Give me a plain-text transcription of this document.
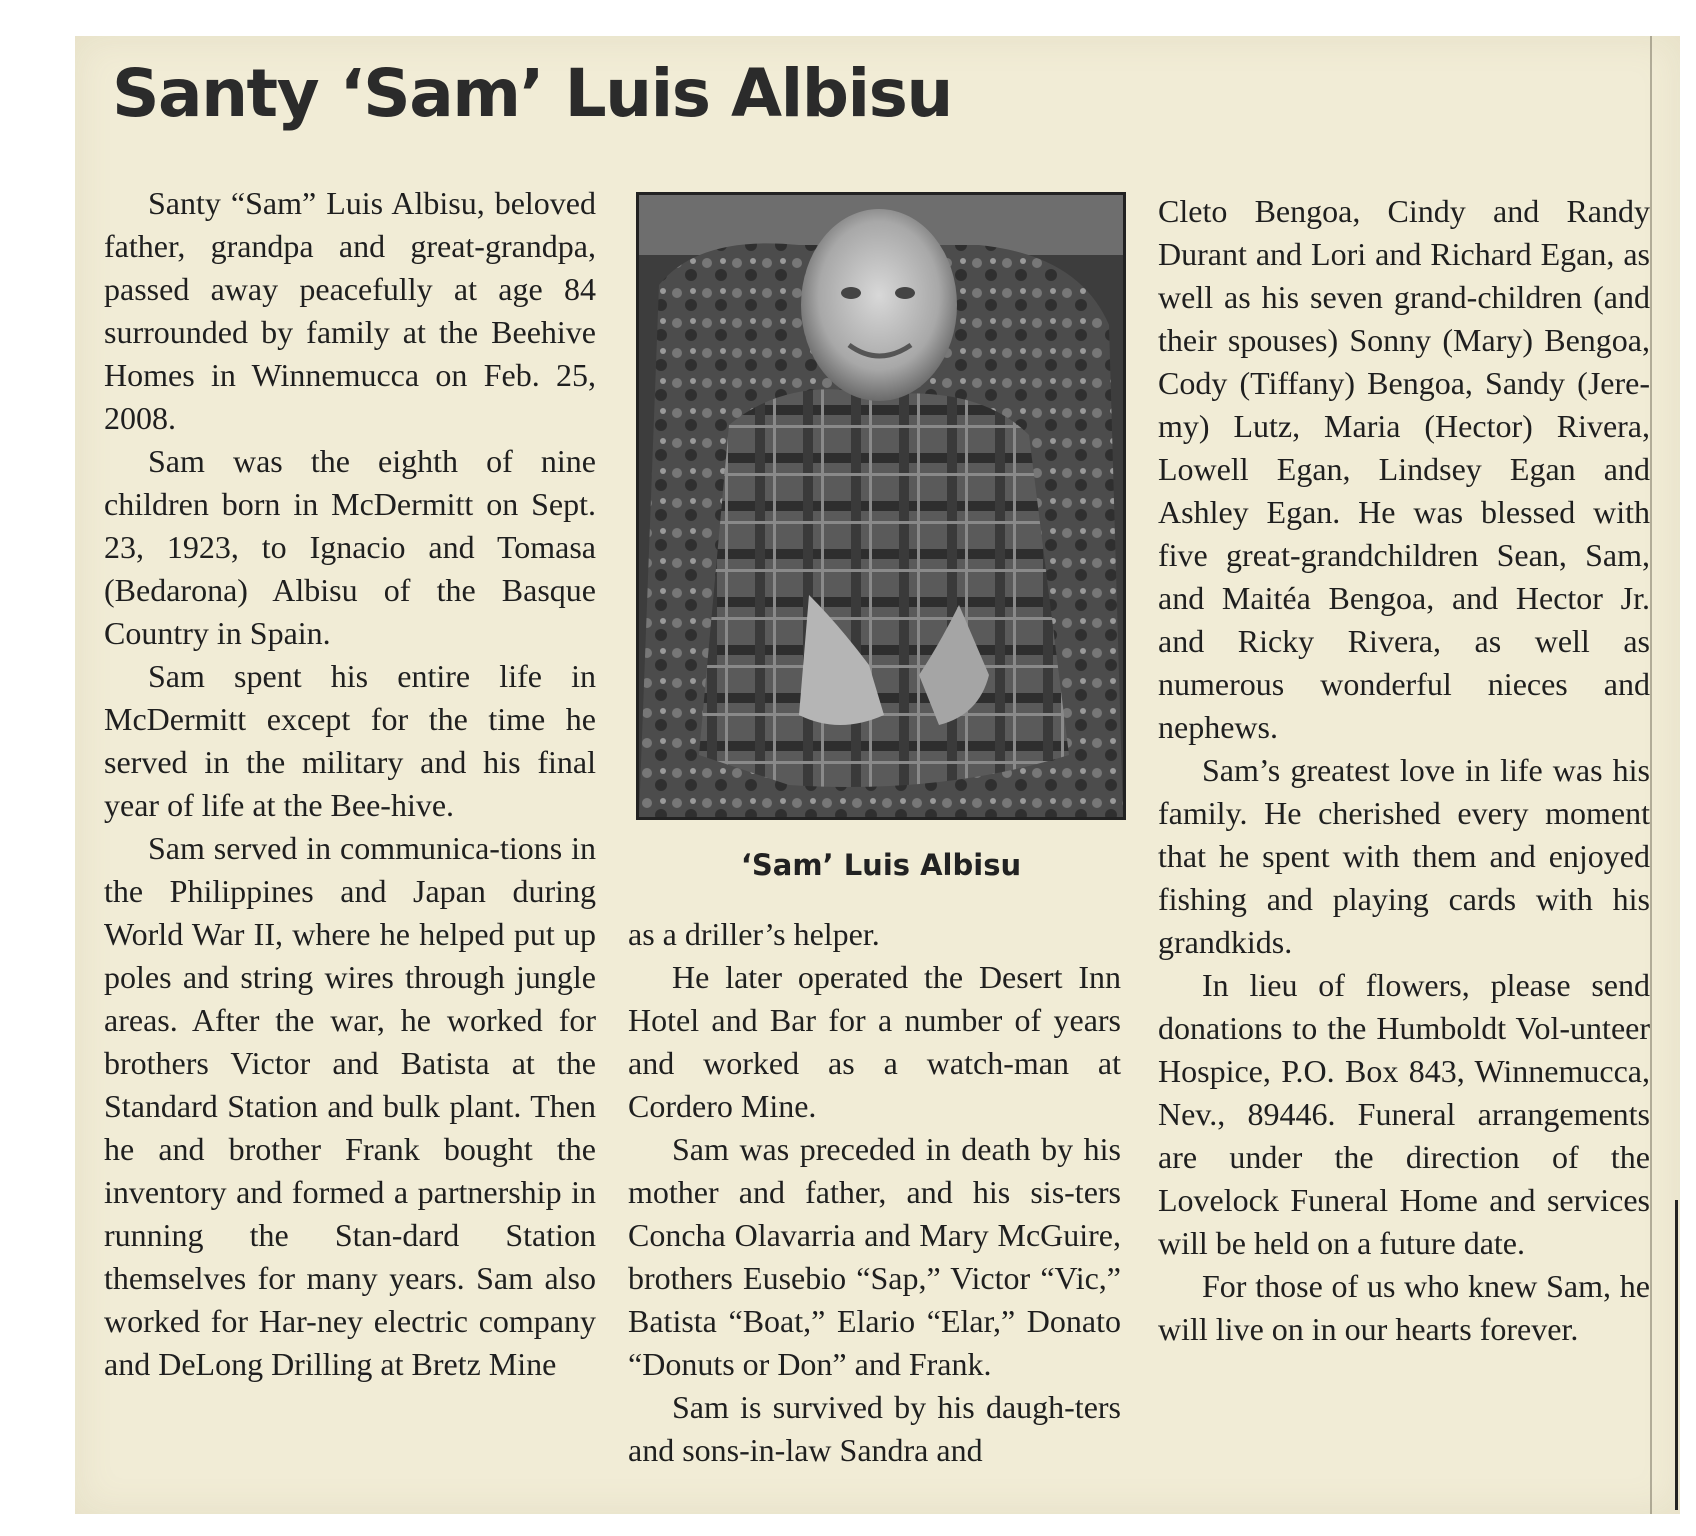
Santy ‘Sam’ Luis Albisu

Santy “Sam” Luis Albisu, beloved father, grandpa and great-grandpa, passed away peacefully at age 84 surrounded by family at the Beehive Homes in Winnemucca on Feb. 25, 2008.

Sam was the eighth of nine children born in McDermitt on Sept. 23, 1923, to Ignacio and Tomasa (Bedarona) Albisu of the Basque Country in Spain.

Sam spent his entire life in McDermitt except for the time he served in the military and his final year of life at the Bee-hive.

Sam served in communica-tions in the Philippines and Japan during World War II, where he helped put up poles and string wires through jungle areas. After the war, he worked for brothers Victor and Batista at the Standard Station and bulk plant. Then he and brother Frank bought the inventory and formed a partnership in running the Stan-dard Station themselves for many years. Sam also worked for Har-ney electric company and DeLong Drilling at Bretz Mine

‘Sam’ Luis Albisu

as a driller’s helper.

He later operated the Desert Inn Hotel and Bar for a number of years and worked as a watch-man at Cordero Mine.

Sam was preceded in death by his mother and father, and his sis-ters Concha Olavarria and Mary McGuire, brothers Eusebio “Sap,” Victor “Vic,” Batista “Boat,” Elario “Elar,” Donato “Donuts or Don” and Frank.

Sam is survived by his daugh-ters and sons-in-law Sandra and

Cleto Bengoa, Cindy and Randy Durant and Lori and Richard Egan, as well as his seven grand-children (and their spouses) Sonny (Mary) Bengoa, Cody (Tiffany) Bengoa, Sandy (Jere-my) Lutz, Maria (Hector) Rivera, Lowell Egan, Lindsey Egan and Ashley Egan. He was blessed with five great-grandchildren Sean, Sam, and Maitéa Bengoa, and Hector Jr. and Ricky Rivera, as well as numerous wonderful nieces and nephews.

Sam’s greatest love in life was his family. He cherished every moment that he spent with them and enjoyed fishing and playing cards with his grandkids.

In lieu of flowers, please send donations to the Humboldt Vol-unteer Hospice, P.O. Box 843, Winnemucca, Nev., 89446. Funeral arrangements are under the direction of the Lovelock Funeral Home and services will be held on a future date.

For those of us who knew Sam, he will live on in our hearts forever.
